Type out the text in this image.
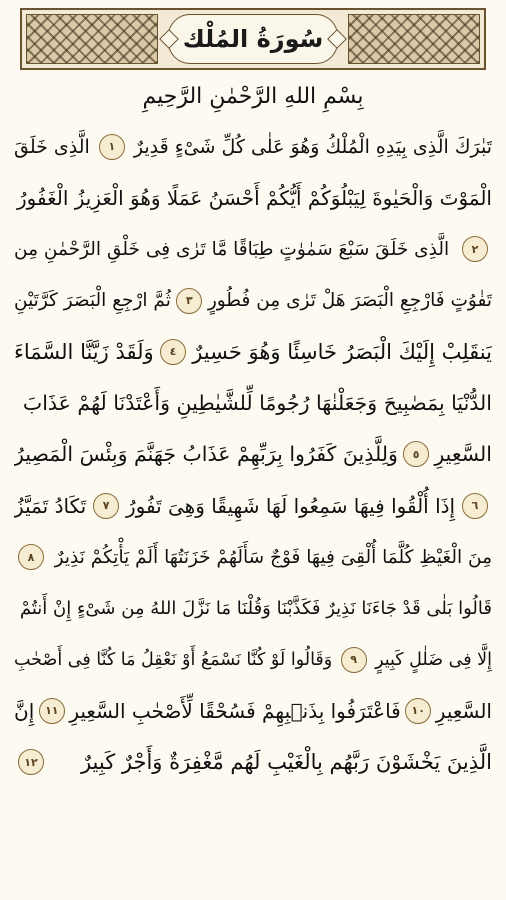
سُورَةُ المُلْك
بِسْمِ اللهِ الرَّحْمٰنِ الرَّحِيمِ
تَبٰرَكَ الَّذِى بِيَدِهِ الْمُلْكُ وَهُوَ عَلٰى كُلِّ شَىْءٍ قَدِيرٌ
١
الَّذِى خَلَقَ
الْمَوْتَ وَالْحَيٰوةَ لِيَبْلُوَكُمْ أَيُّكُمْ أَحْسَنُ عَمَلًا وَهُوَ الْعَزِيزُ الْغَفُورُ
٢
الَّذِى خَلَقَ سَبْعَ سَمٰوٰتٍ طِبَاقًا مَّا تَرٰى فِى خَلْقِ الرَّحْمٰنِ مِن
تَفٰوُتٍ فَارْجِعِ الْبَصَرَ هَلْ تَرٰى مِن فُطُورٍ
٣
ثُمَّ ارْجِعِ الْبَصَرَ كَرَّتَيْنِ
يَنقَلِبْ إِلَيْكَ الْبَصَرُ خَاسِئًا وَهُوَ حَسِيرٌ
٤
وَلَقَدْ زَيَّنَّا السَّمَاءَ
الدُّنْيَا بِمَصٰبِيحَ وَجَعَلْنٰهَا رُجُومًا لِّلشَّيٰطِينِ وَأَعْتَدْنَا لَهُمْ عَذَابَ
السَّعِيرِ
٥
وَلِلَّذِينَ كَفَرُوا بِرَبِّهِمْ عَذَابُ جَهَنَّمَ وَبِئْسَ الْمَصِيرُ
٦
إِذَا أُلْقُوا فِيهَا سَمِعُوا لَهَا شَهِيقًا وَهِىَ تَفُورُ
٧
تَكَادُ تَمَيَّزُ
مِنَ الْغَيْظِ كُلَّمَا أُلْقِىَ فِيهَا فَوْجٌ سَأَلَهُمْ خَزَنَتُهَا أَلَمْ يَأْتِكُمْ نَذِيرٌ
٨
قَالُوا بَلٰى قَدْ جَاءَنَا نَذِيرٌ فَكَذَّبْنَا وَقُلْنَا مَا نَزَّلَ اللهُ مِن شَىْءٍ إِنْ أَنتُمْ
إِلَّا فِى ضَلٰلٍ كَبِيرٍ
٩
وَقَالُوا لَوْ كُنَّا نَسْمَعُ أَوْ نَعْقِلُ مَا كُنَّا فِى أَصْحٰبِ
السَّعِيرِ
١٠
فَاعْتَرَفُوا بِذَنۢبِهِمْ فَسُحْقًا لِّأَصْحٰبِ السَّعِيرِ
١١
إِنَّ
الَّذِينَ يَخْشَوْنَ رَبَّهُم بِالْغَيْبِ لَهُم مَّغْفِرَةٌ وَأَجْرٌ كَبِيرٌ
١٢
